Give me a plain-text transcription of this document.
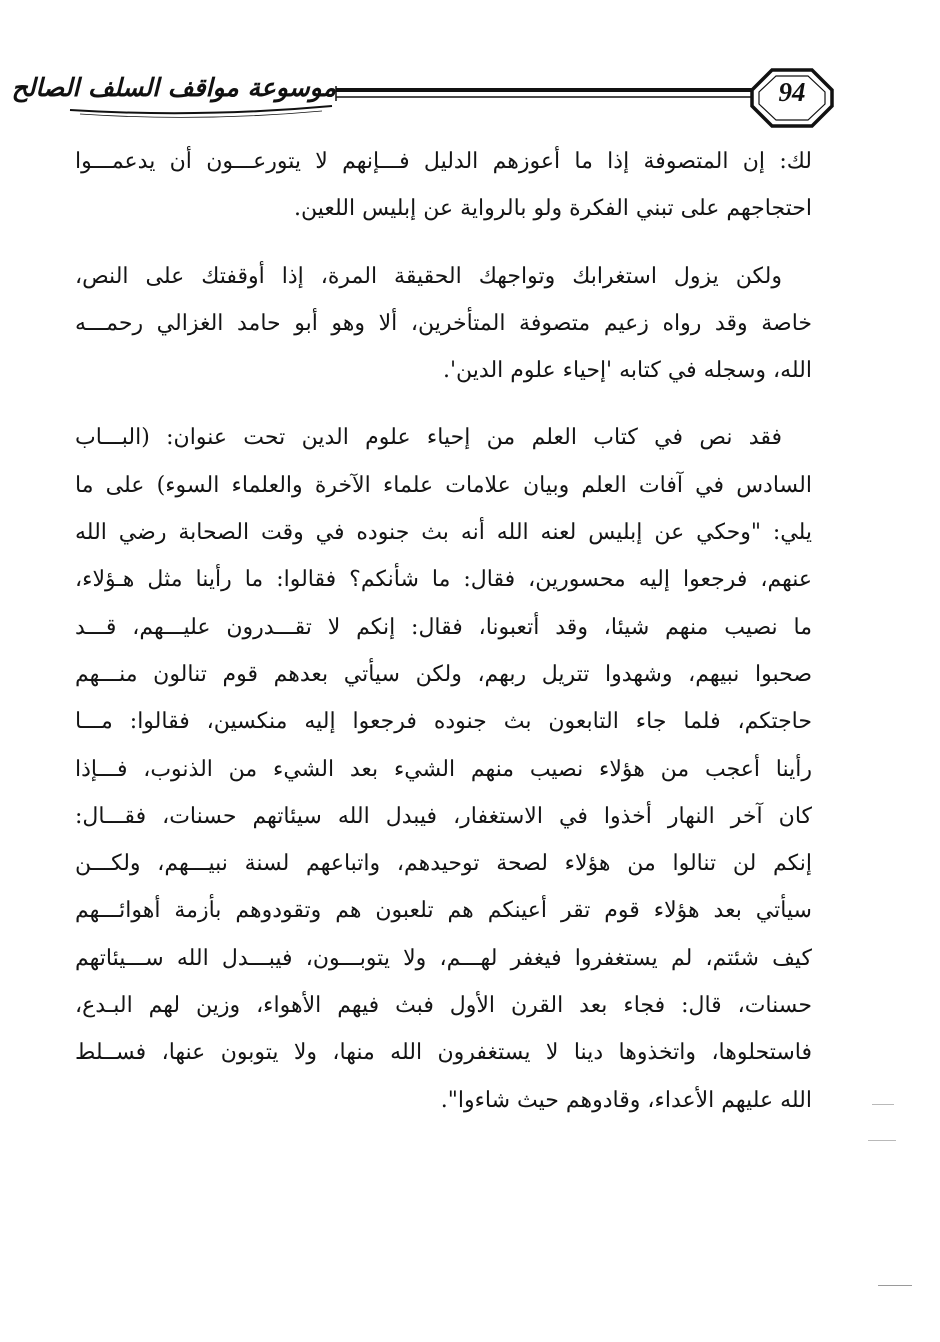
موسوعة مواقف السلف الصالح	94
لك: إن المتصوفة إذا ما أعوزهم الدليل فـــإنهم لا يتورعـــون أن يدعمـــوا
احتجاجهم على تبني الفكرة ولو بالرواية عن إبليس اللعين.
ولكن يزول استغرابك وتواجهك الحقيقة المرة، إذا أوقفتك على النص،
خاصة وقد رواه زعيم متصوفة المتأخرين، ألا وهو أبو حامد الغزالي رحمـــه
الله، وسجله في كتابه 'إحياء علوم الدين'.
فقد نص في كتاب العلم من إحياء علوم الدين تحت عنوان: (البـــاب
السادس في آفات العلم وبيان علامات علماء الآخرة والعلماء السوء) على ما
يلي: "وحكي عن إبليس لعنه الله أنه بث جنوده في وقت الصحابة رضي الله
عنهم، فرجعوا إليه محسورين، فقال: ما شأنكم؟ فقالوا: ما رأينا مثل هـؤلاء،
ما نصيب منهم شيئا، وقد أتعبونا، فقال: إنكم لا تقـــدرون عليـــهم، قـــد
صحبوا نبيهم، وشهدوا تتريل ربهم، ولكن سيأتي بعدهم قوم تنالون منـــهم
حاجتكم، فلما جاء التابعون بث جنوده فرجعوا إليه منكسين، فقالوا: مـــا
رأينا أعجب من هؤلاء نصيب منهم الشيء بعد الشيء من الذنوب، فـــإذا
كان آخر النهار أخذوا في الاستغفار، فيبدل الله سيئاتهم حسنات، فقـــال:
إنكم لن تنالوا من هؤلاء لصحة توحيدهم، واتباعهم لسنة نبيـــهم، ولكـــن
سيأتي بعد هؤلاء قوم تقر أعينكم هم تلعبون هم وتقودوهم بأزمة أهوائـــهم
كيف شئتم، لم يستغفروا فيغفر لهـــم، ولا يتوبـــون، فيبـــدل الله ســـيئاتهم
حسنات، قال: فجاء بعد القرن الأول فبث فيهم الأهواء، وزين لهم البـدع،
فاستحلوها، واتخذوها دينا لا يستغفرون الله منها، ولا يتوبون عنها، فســلط
الله عليهم الأعداء، وقادوهم حيث شاءوا".
